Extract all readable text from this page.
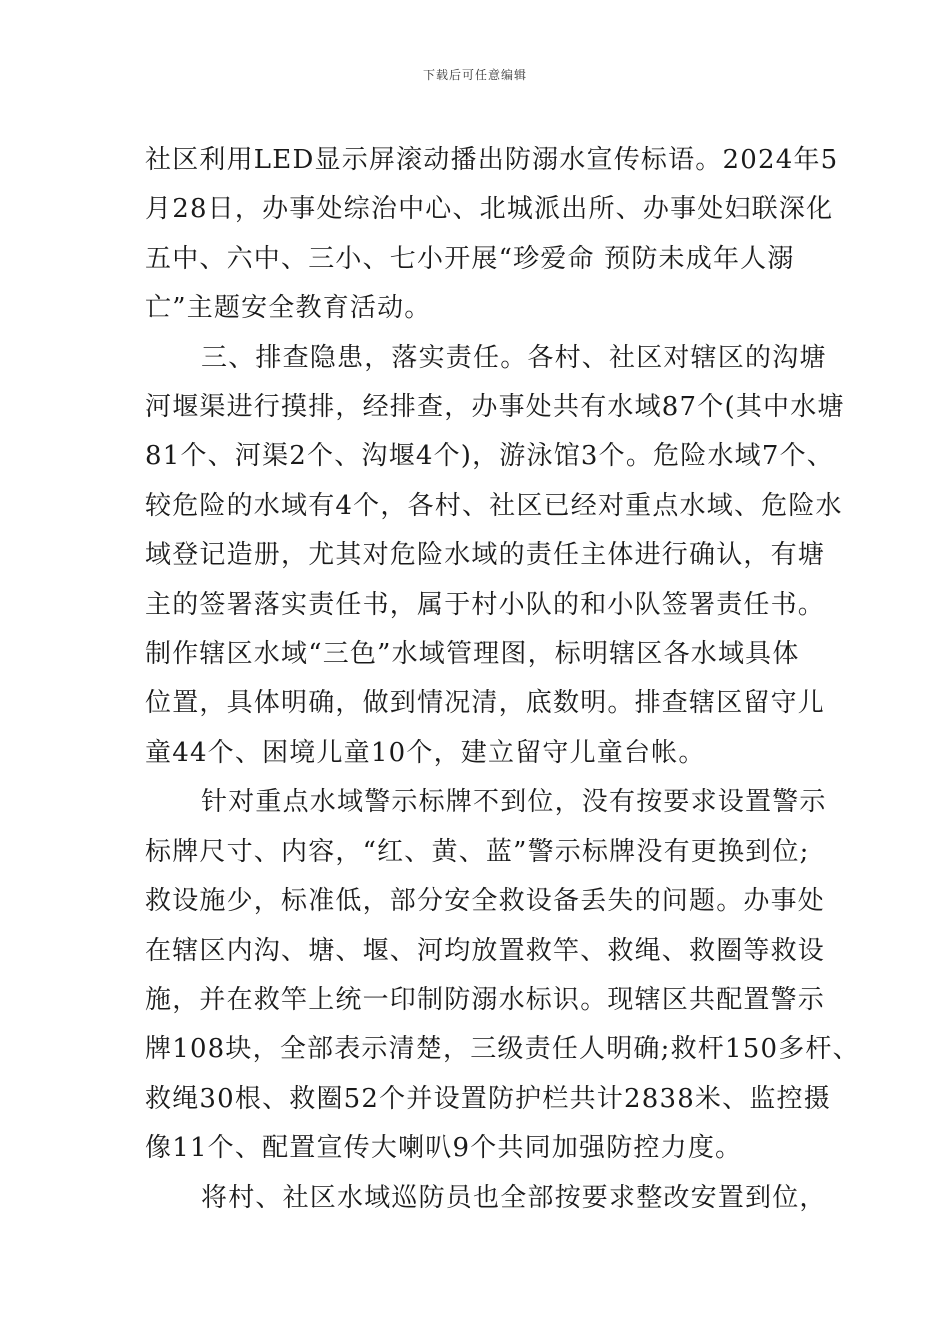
下载后可任意编辑

社区利用LED显示屏滚动播出防溺水宣传标语。2024年5
月28日，办事处综治中心、北城派出所、办事处妇联深化
五中、六中、三小、七小开展“珍爱命 预防未成年人溺
亡”主题安全教育活动。

三、排查隐患，落实责任。各村、社区对辖区的沟塘
河堰渠进行摸排，经排查，办事处共有水域87个(其中水塘
81个、河渠2个、沟堰4个)，游泳馆3个。危险水域7个、
较危险的水域有4个，各村、社区已经对重点水域、危险水
域登记造册，尤其对危险水域的责任主体进行确认，有塘
主的签署落实责任书，属于村小队的和小队签署责任书。
制作辖区水域“三色”水域管理图，标明辖区各水域具体
位置，具体明确，做到情况清，底数明。排查辖区留守儿
童44个、困境儿童10个，建立留守儿童台帐。

针对重点水域警示标牌不到位，没有按要求设置警示
标牌尺寸、内容，“红、黄、蓝”警示标牌没有更换到位;
救设施少，标准低，部分安全救设备丢失的问题。办事处
在辖区内沟、塘、堰、河均放置救竿、救绳、救圈等救设
施，并在救竿上统一印制防溺水标识。现辖区共配置警示
牌108块，全部表示清楚，三级责任人明确;救杆150多杆、
救绳30根、救圈52个并设置防护栏共计2838米、监控摄
像11个、配置宣传大喇叭9个共同加强防控力度。

将村、社区水域巡防员也全部按要求整改安置到位，
